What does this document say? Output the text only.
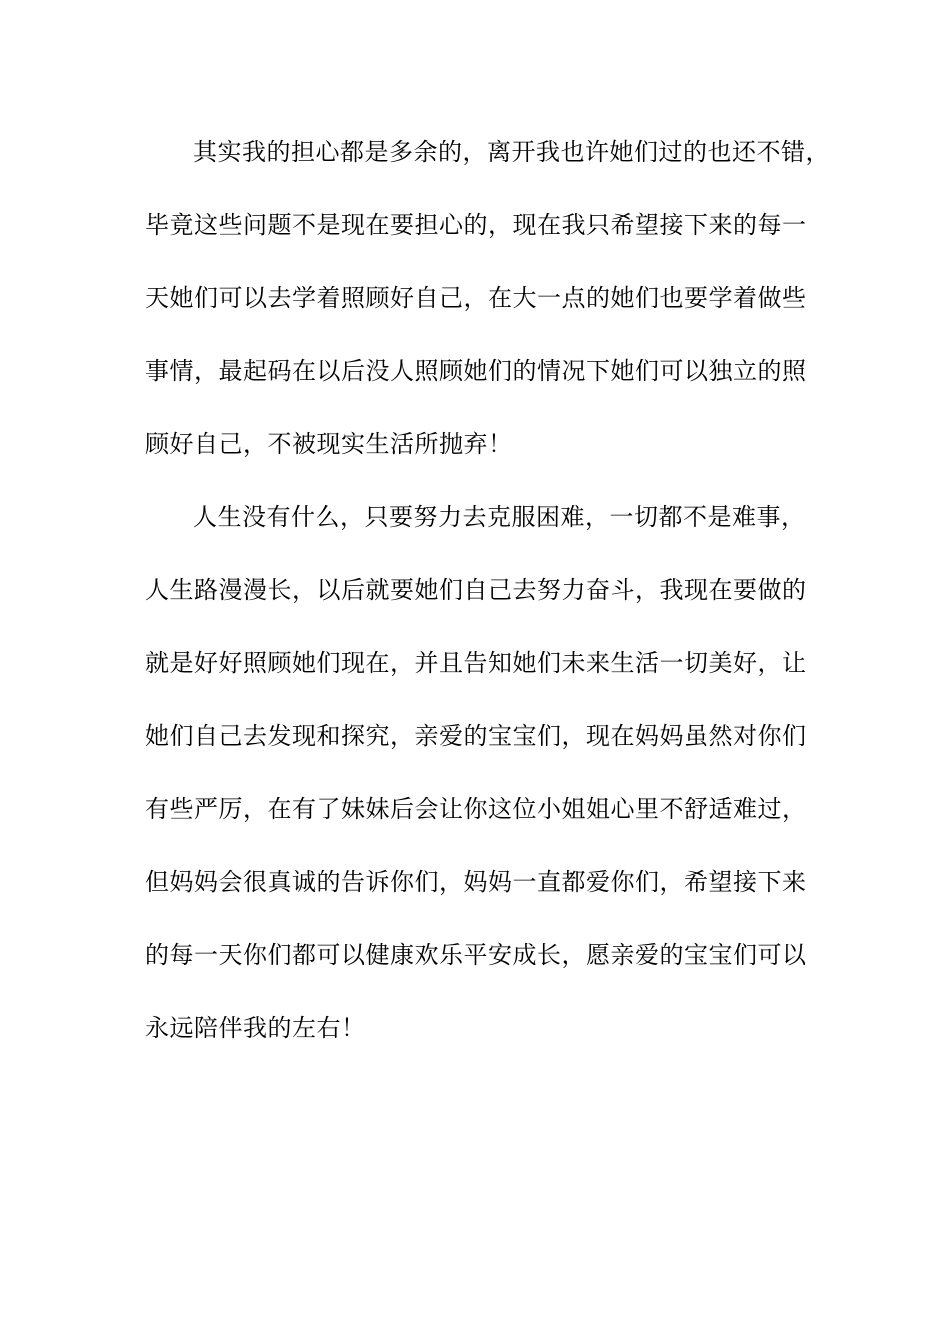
其实我的担心都是多余的，离开我也许她们过的也还不错，
毕竟这些问题不是现在要担心的，现在我只希望接下来的每一
天她们可以去学着照顾好自己，在大一点的她们也要学着做些
事情，最起码在以后没人照顾她们的情况下她们可以独立的照
顾好自己，不被现实生活所抛弃！
人生没有什么，只要努力去克服困难，一切都不是难事，
人生路漫漫长，以后就要她们自己去努力奋斗，我现在要做的
就是好好照顾她们现在，并且告知她们未来生活一切美好，让
她们自己去发现和探究，亲爱的宝宝们，现在妈妈虽然对你们
有些严厉，在有了妹妹后会让你这位小姐姐心里不舒适难过，
但妈妈会很真诚的告诉你们，妈妈一直都爱你们，希望接下来
的每一天你们都可以健康欢乐平安成长，愿亲爱的宝宝们可以
永远陪伴我的左右！
